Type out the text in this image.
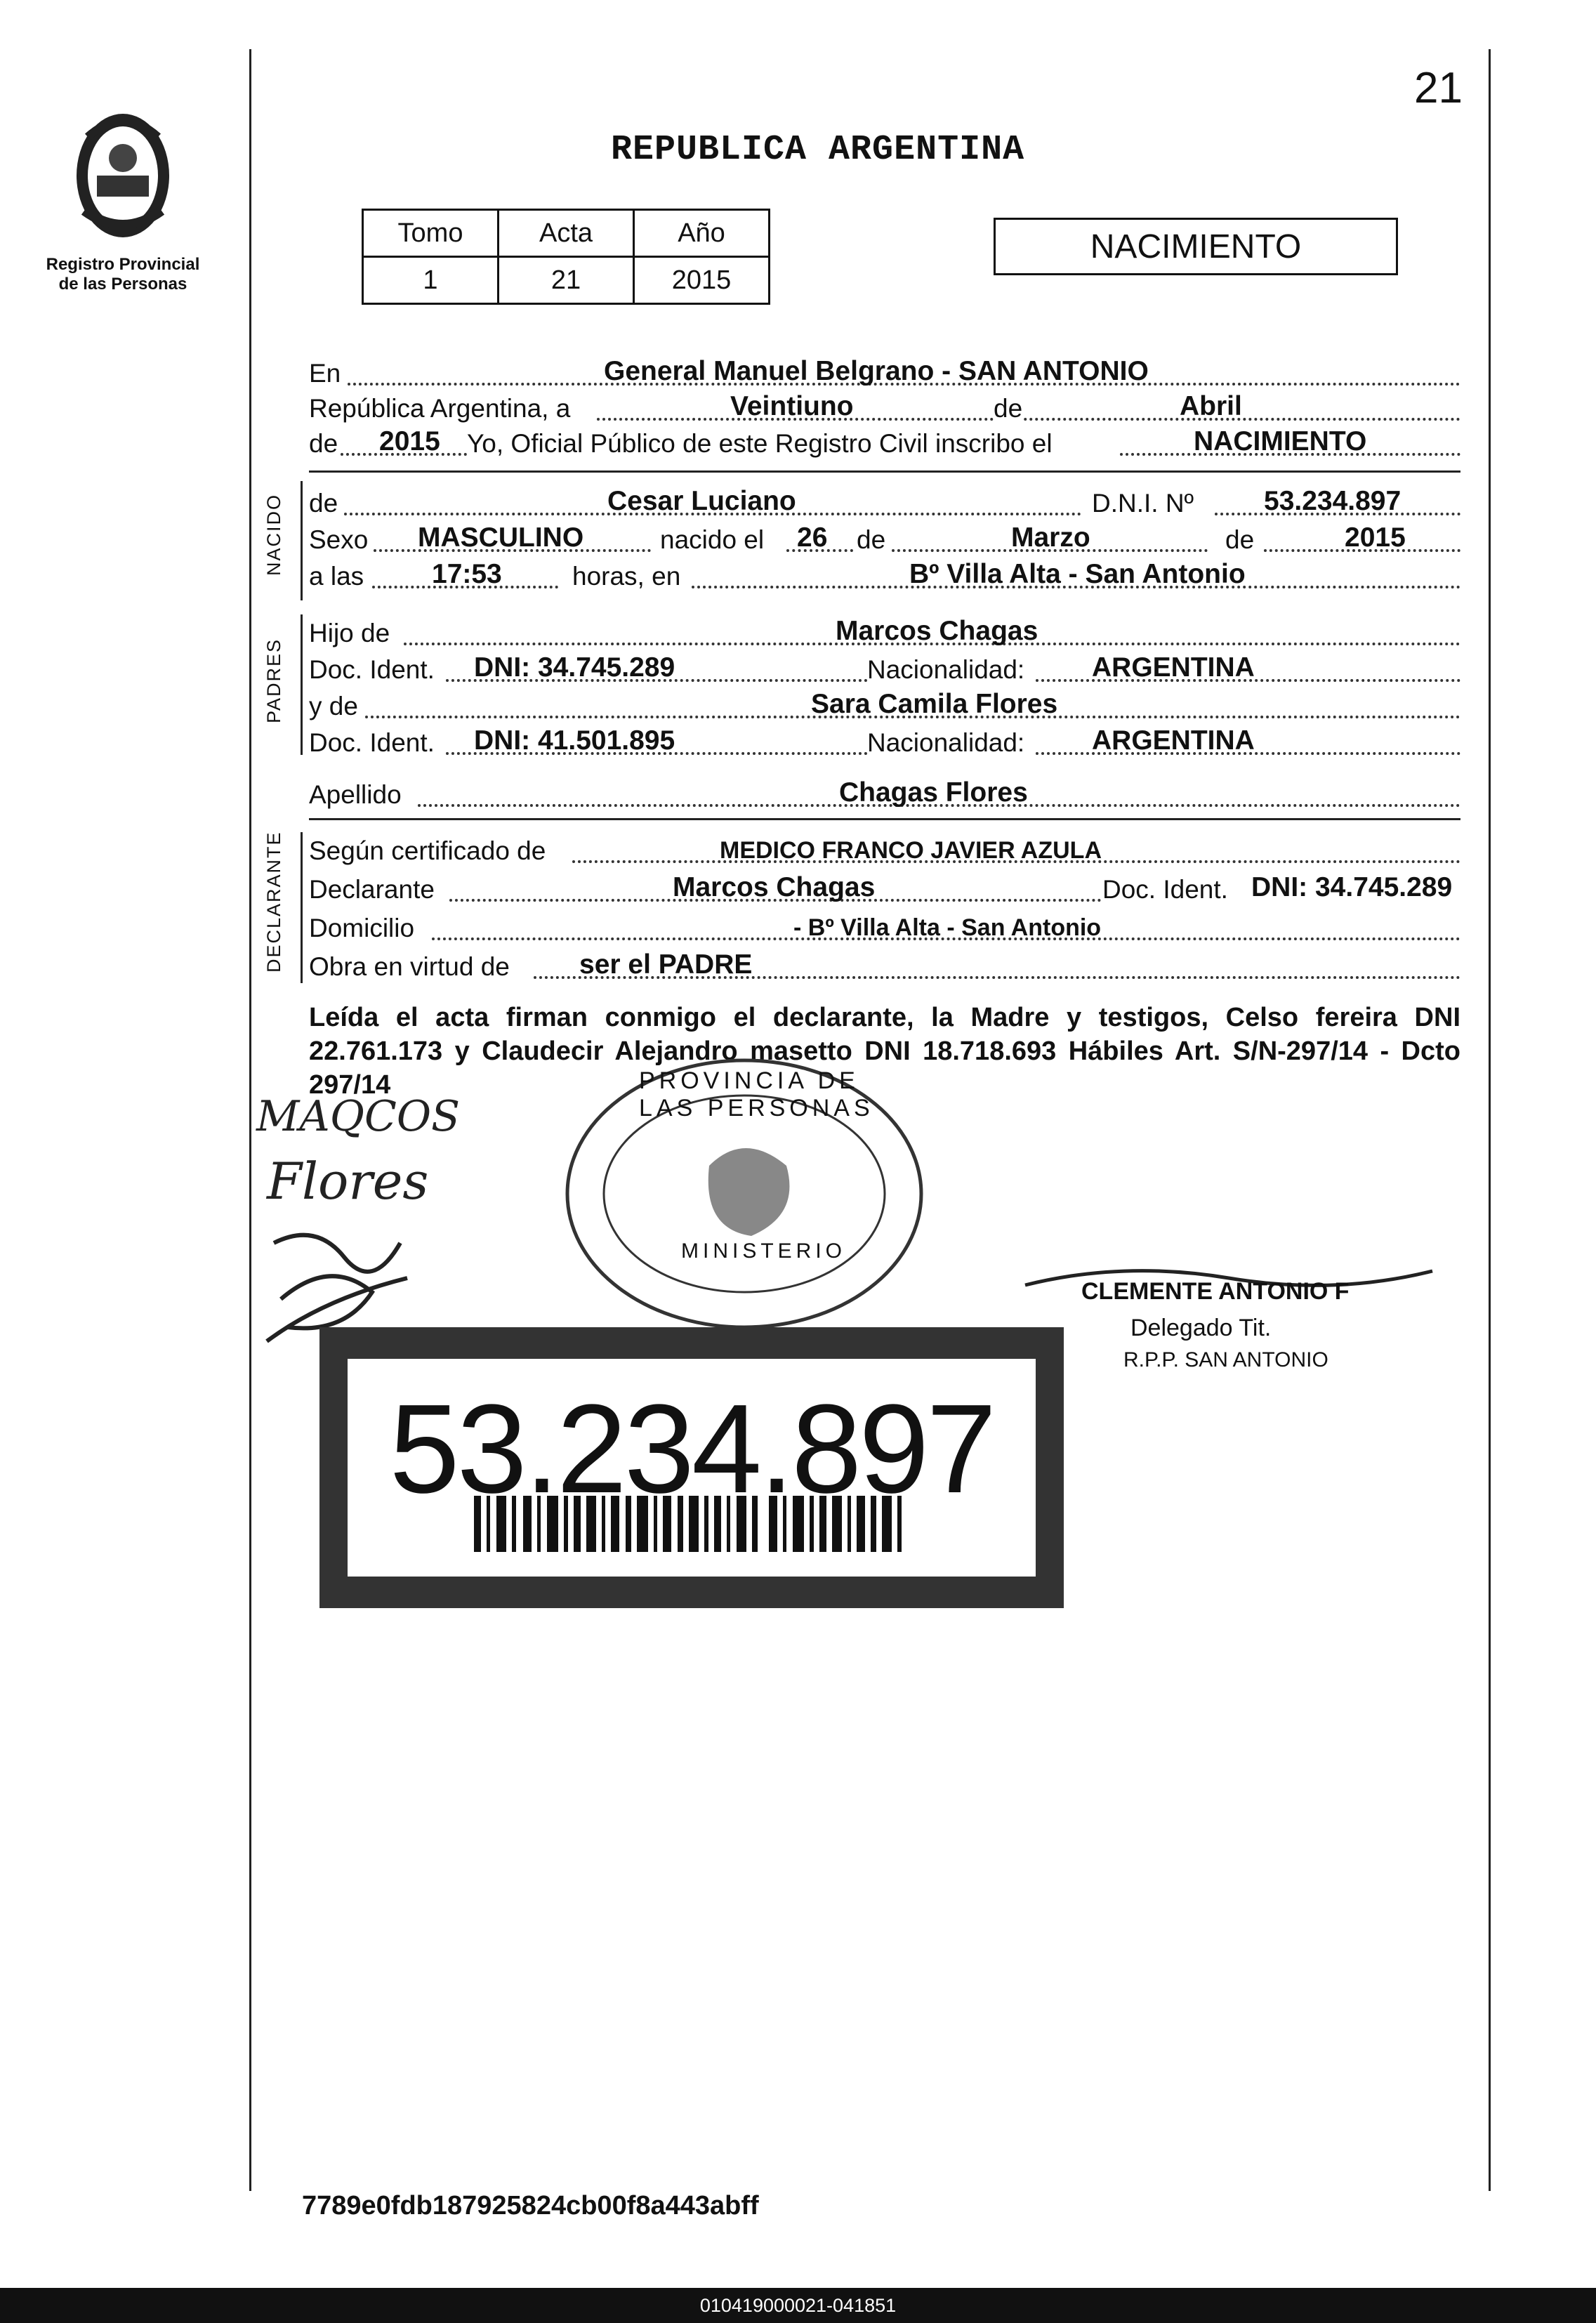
Registro Provincial
de las Personas
21
REPUBLICA ARGENTINA
Tomo	Acta	Año
1	21	2015
NACIMIENTO
En	General Manuel Belgrano - SAN ANTONIO
República Argentina, a	Veintiuno	de	Abril
de 2015 Yo, Oficial Público de este Registro Civil inscribo el	NACIMIENTO
NACIDO de	Cesar Luciano	D.N.I. Nº	53.234.897
Sexo MASCULINO	nacido el 26 de	Marzo	de	2015
a las 17:53	horas, en	Bº Villa Alta - San Antonio
PADRES
Hijo de	Marcos Chagas
Doc. Ident. DNI: 34.745.289	Nacionalidad: ARGENTINA
y de	Sara Camila Flores
Doc. Ident. DNI: 41.501.895	Nacionalidad: ARGENTINA
Apellido	Chagas Flores
DECLARANTE Según certificado de	MEDICO FRANCO JAVIER AZULA
Declarante	Marcos Chagas	Doc. Ident. DNI: 34.745.289
Domicilio	- Bº Villa Alta - San Antonio
Obra en virtud de	ser el PADRE
Leída el acta firman conmigo el declarante, la Madre y testigos, Celso fereira DNI 22.761.173 y Claudecir Alejandro masetto DNI 18.718.693 Hábiles Art. S/N-297/14 - Dcto 297/14
MAQCOS
Flores
PROVINCIA DE LAS PERSONAS
MINISTERIO
CLEMENTE ANTONIO F
Delegado Tit.
R.P.P. SAN ANTONIO
53.234.897
7789e0fdb187925824cb00f8a443abff
010419000021-041851
